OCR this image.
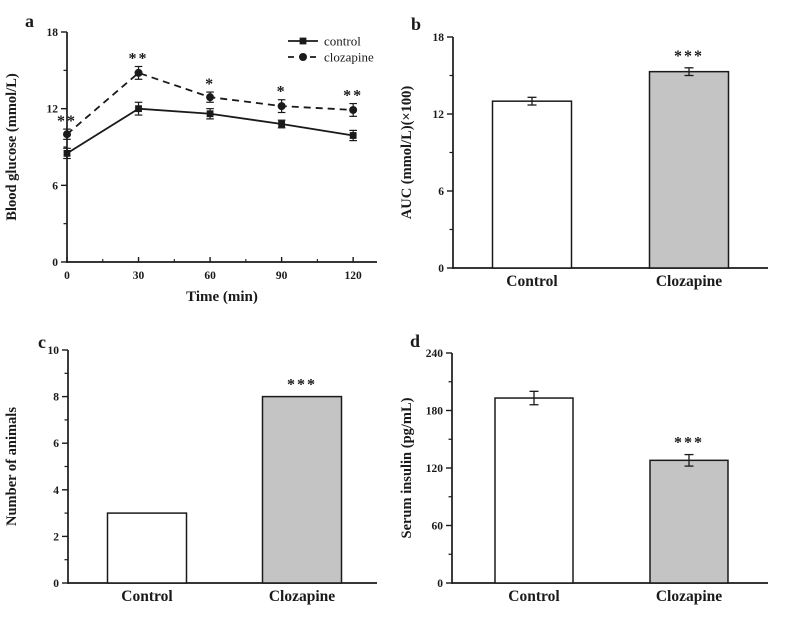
a
0
6
12
18
Blood glucose (mmol/L)
0	30	60	90	120
Time (min)
**
**
*	*	**
control
clozapine
b
0
6
12
18
AUC (mmol/L)(×100)
Control	Clozapine
***
c
0
2
4
6
8
10
Number of animals
Control	Clozapine
***
d
0
60
120
180
240
Serum insulin (pg/mL)
Control	Clozapine
***
